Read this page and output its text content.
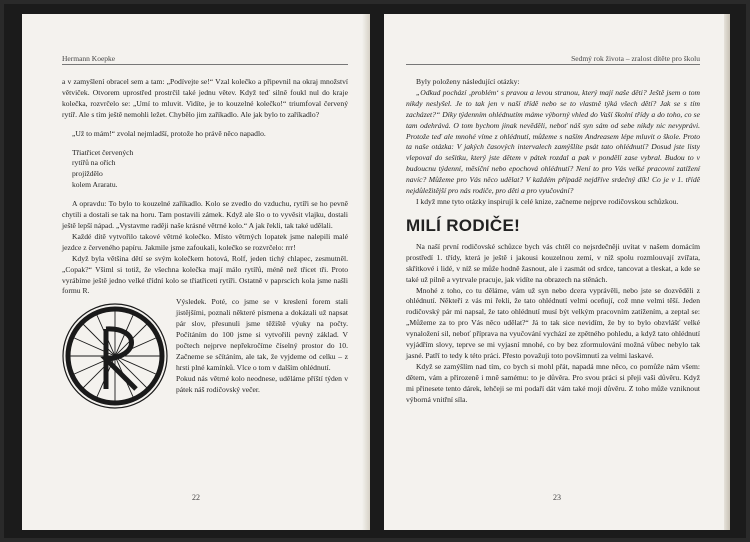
Hermann Koepke

a v zamyšlení obracel sem a tam: „Podívejte se!“ Vzal kolečko a připevnil na okraj množství větviček. Otvorem uprostřed prostrčil také jednu větev. Když teď silně foukl nul do kraje kolečka, rozvrčelo se: „Umí to mluvit. Vidíte, je to kouzelné kolečko!“ triumfoval červený rytíř. Ale s tím ještě nemohli ležet. Chybělo jim zaříkadlo. Ale jak bylo to zaříkadlo?

„Už to mám!“ zvolal nejmladší, protože ho právě něco napadlo.

Třiatřicet červených
rytířů na ořích
projíždělo
kolem Araratu.

A opravdu: To bylo to kouzelné zaříkadlo. Kolo se zvedlo do vzduchu, rytíři se ho pevně chytili a dostali se tak na horu. Tam postavili zámek. Když ale šlo o to vyvěsit vlajku, dostali ještě lepší nápad. „Vystavme raději naše krásné větrné kolo.“ A jak řekli, tak také udělali.

Každé dítě vytvořilo takové větrné kolečko. Místo větrných lopatek jsme nalepili malé jezdce z červeného papíru. Jakmile jsme zafoukali, kolečko se rozvrčelo: rrr!

Když byla většina dětí se svým kolečkem hotová, Rolf, jeden tichý chlapec, zesmutněl. „Copak?“ Všiml si totiž, že všechna kolečka mají málo rytířů, méně než třicet tři. Proto vyrábíme ještě jedno velké třídní kolo se třiatřiceti rytíři. Ostatně v paprscích kola jsme našli formu R.

Výsledek. Poté, co jsme se v kreslení forem stali jistějšími, poznali některé písmena a dokázali už napsat pár slov, přesunuli jsme těžiště výuky na počty. Počítáním do 100 jsme si vytvořili pevný základ. V počtech nejprve nepřekročíme číselný prostor do 10. Začneme se sčítáním, ale tak, že vyjdeme od celku – z hrsti plné kamínků. Vlce o tom v dalším ohlédnutí.

Pokud nás větrné kolo neodnese, uděláme příští týden v pátek náš rodičovský večer.

22
Sedmý rok života – zralost dítěte pro školu

Byly položeny následující otázky:

„Odkud pochází ‚problém‘ s pravou a levou stranou, který mají naše děti? Ještě jsem o tom nikdy neslyšel. Je to tak jen v naší třídě nebo se to vlastně týká všech dětí? Jak se s tím zacházet?“ Díky týdenním ohlédnutím máme výborný vhled do Vaší školní třídy a do toho, co se tam odehrává. O tom bychom jinak nevěděli, neboť náš syn sám od sebe nikdy nic nevyprávi. Protože teď ale mnohé víme z ohlédnutí, můžeme s naším Andreasem lépe mluvit o škole. Proto ta naše otázka: V jakých časových intervalech zamýšlíte psát tato ohlédnutí? Dosud jste listy vlepoval do sešitku, který jste dětem v pátek rozdal a pak v pondělí zase vybral. Budou to v budoucnu týdenní, měsíční nebo epochová ohlédnutí? Není to pro Vás velké pracovní zatížení navíc? Můžeme pro Vás něco udělat? V každém případě nejdříve srdečný dík! Co je v 1. třídě nejdůležitější pro nás rodiče, pro děti a pro vyučování?

I když mne tyto otázky inspirují k celé knize, začneme nejprve rodičovskou schůzkou.

MILÍ RODIČE!

Na naší první rodičovské schůzce bych vás chtěl co nejsrdečněji uvítat v našem domácím prostředí 1. třídy, která je ještě i jakousi kouzelnou zemí, v níž spolu rozmlouvají zvířata, skřítkové i lidé, v níž se může hodně žasnout, ale i zasmát od srdce, tancovat a tleskat, a kde se také už pilně a vytrvale pracuje, jak vidíte na obrazech na stěnách.

Mnohé z toho, co tu děláme, vám už syn nebo dcera vyprávěli, nebo jste se dozvěděli z ohlédnutí. Někteří z vás mi řekli, že tato ohlédnutí velmi oceňují, což mne velmi těší. Jeden rodičovský pár mi napsal, že tato ohlédnutí musí být velkým pracovním zatížením, a zeptal se: „Můžeme za to pro Vás něco udělat?“ Já to tak sice nevidím, že by to bylo obzvlášť velké vynaložení sil, neboť příprava na vyučování vychází ze zpětného pohledu, a když tato ohlédnutí vyjádřím slovy, teprve se mi vyjasní mnohé, co by bez zformulování možná vůbec nebylo tak jasné. Patří to tedy k této práci. Přesto považuji toto povšimnutí za velmi laskavé.

Když se zamýšlím nad tím, co bych si mohl přát, napadá mne něco, co pomůže nám všem: dětem, vám a přirozeně i mně samému: to je důvěra. Pro svou práci si přeji vaši důvěru. Když mi přinesete tento dárek, lehčeji se mi podaří dát vám také moji důvěru. Z toho může vzniknout výborná vnitřní síla.

23
